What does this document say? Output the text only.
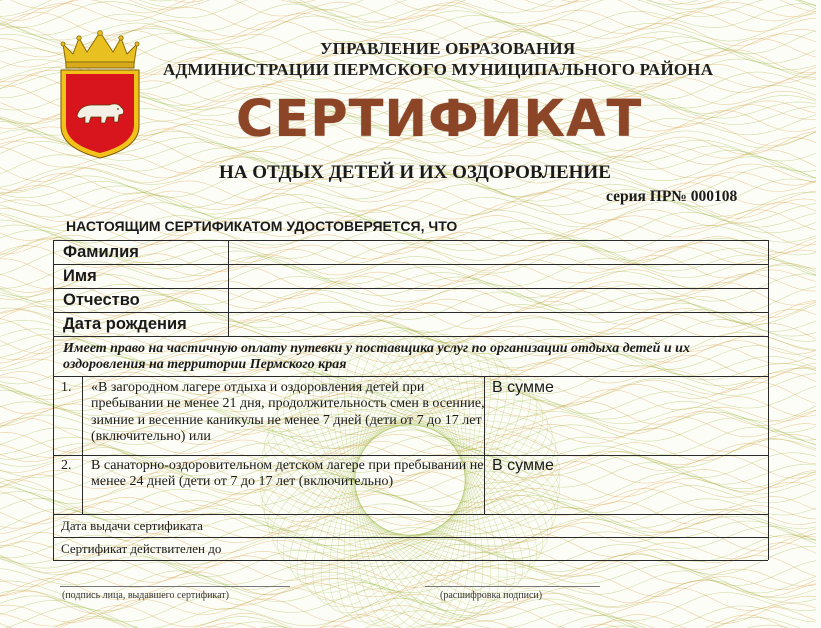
УПРАВЛЕНИЕ ОБРАЗОВАНИЯ
АДМИНИСТРАЦИИ ПЕРМСКОГО МУНИЦИПАЛЬНОГО РАЙОНА
СЕРТИФИКАТ
НА ОТДЫХ ДЕТЕЙ И ИХ ОЗДОРОВЛЕНИЕ
серия ПР№ 000108
НАСТОЯЩИМ СЕРТИФИКАТОМ УДОСТОВЕРЯЕТСЯ, ЧТО
Фамилия
Имя
Отчество
Дата рождения
Имеет право на частичную оплату путевки у поставщика услуг по организации отдыха детей и их оздоровления на территории Пермского края
1. «В загородном лагере отдыха и оздоровления детей при пребывании не менее 21 дня, продолжительность смен в осенние, зимние и весенние каникулы не менее 7 дней (дети от 7 до 17 лет (включительно) или
В сумме
2. В санаторно-оздоровительном детском лагере при пребывании не менее 24 дней (дети от 7 до 17 лет (включительно)
В сумме
Дата выдачи сертификата
Сертификат действителен до
(подпись лица, выдавшего сертификат)	(расшифровка подписи)
